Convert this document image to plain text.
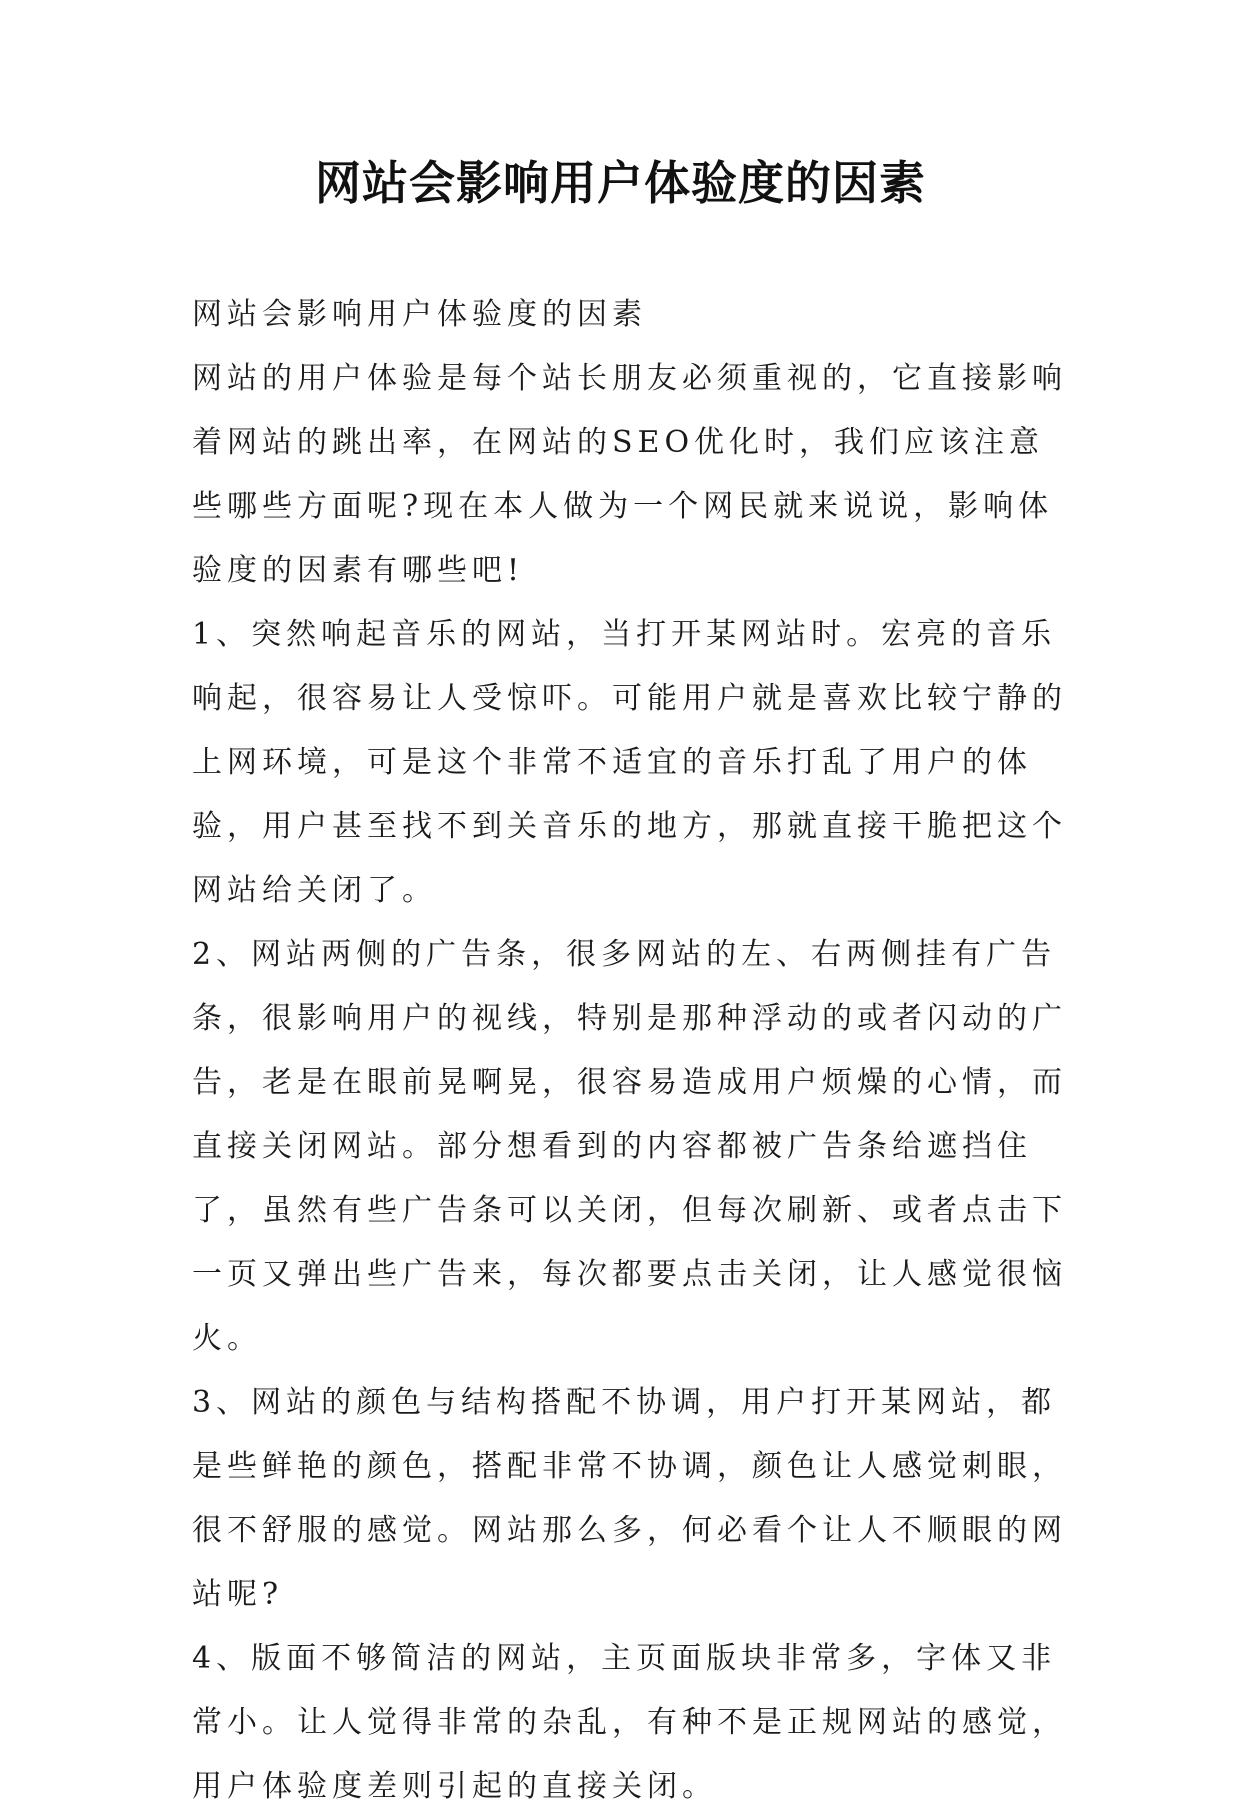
网站会影响用户体验度的因素

网站会影响用户体验度的因素

网站的用户体验是每个站长朋友必须重视的，它直接影响着网站的跳出率，在网站的SEO优化时，我们应该注意些哪些方面呢?现在本人做为一个网民就来说说，影响体验度的因素有哪些吧!

1、突然响起音乐的网站，当打开某网站时。宏亮的音乐响起，很容易让人受惊吓。可能用户就是喜欢比较宁静的上网环境，可是这个非常不适宜的音乐打乱了用户的体验，用户甚至找不到关音乐的地方，那就直接干脆把这个网站给关闭了。

2、网站两侧的广告条，很多网站的左、右两侧挂有广告条，很影响用户的视线，特别是那种浮动的或者闪动的广告，老是在眼前晃啊晃，很容易造成用户烦燥的心情，而直接关闭网站。部分想看到的内容都被广告条给遮挡住了，虽然有些广告条可以关闭，但每次刷新、或者点击下一页又弹出些广告来，每次都要点击关闭，让人感觉很恼火。

3、网站的颜色与结构搭配不协调，用户打开某网站，都是些鲜艳的颜色，搭配非常不协调，颜色让人感觉刺眼，很不舒服的感觉。网站那么多，何必看个让人不顺眼的网站呢?

4、版面不够简洁的网站，主页面版块非常多，字体又非常小。让人觉得非常的杂乱，有种不是正规网站的感觉，用户体验度差则引起的直接关闭。
